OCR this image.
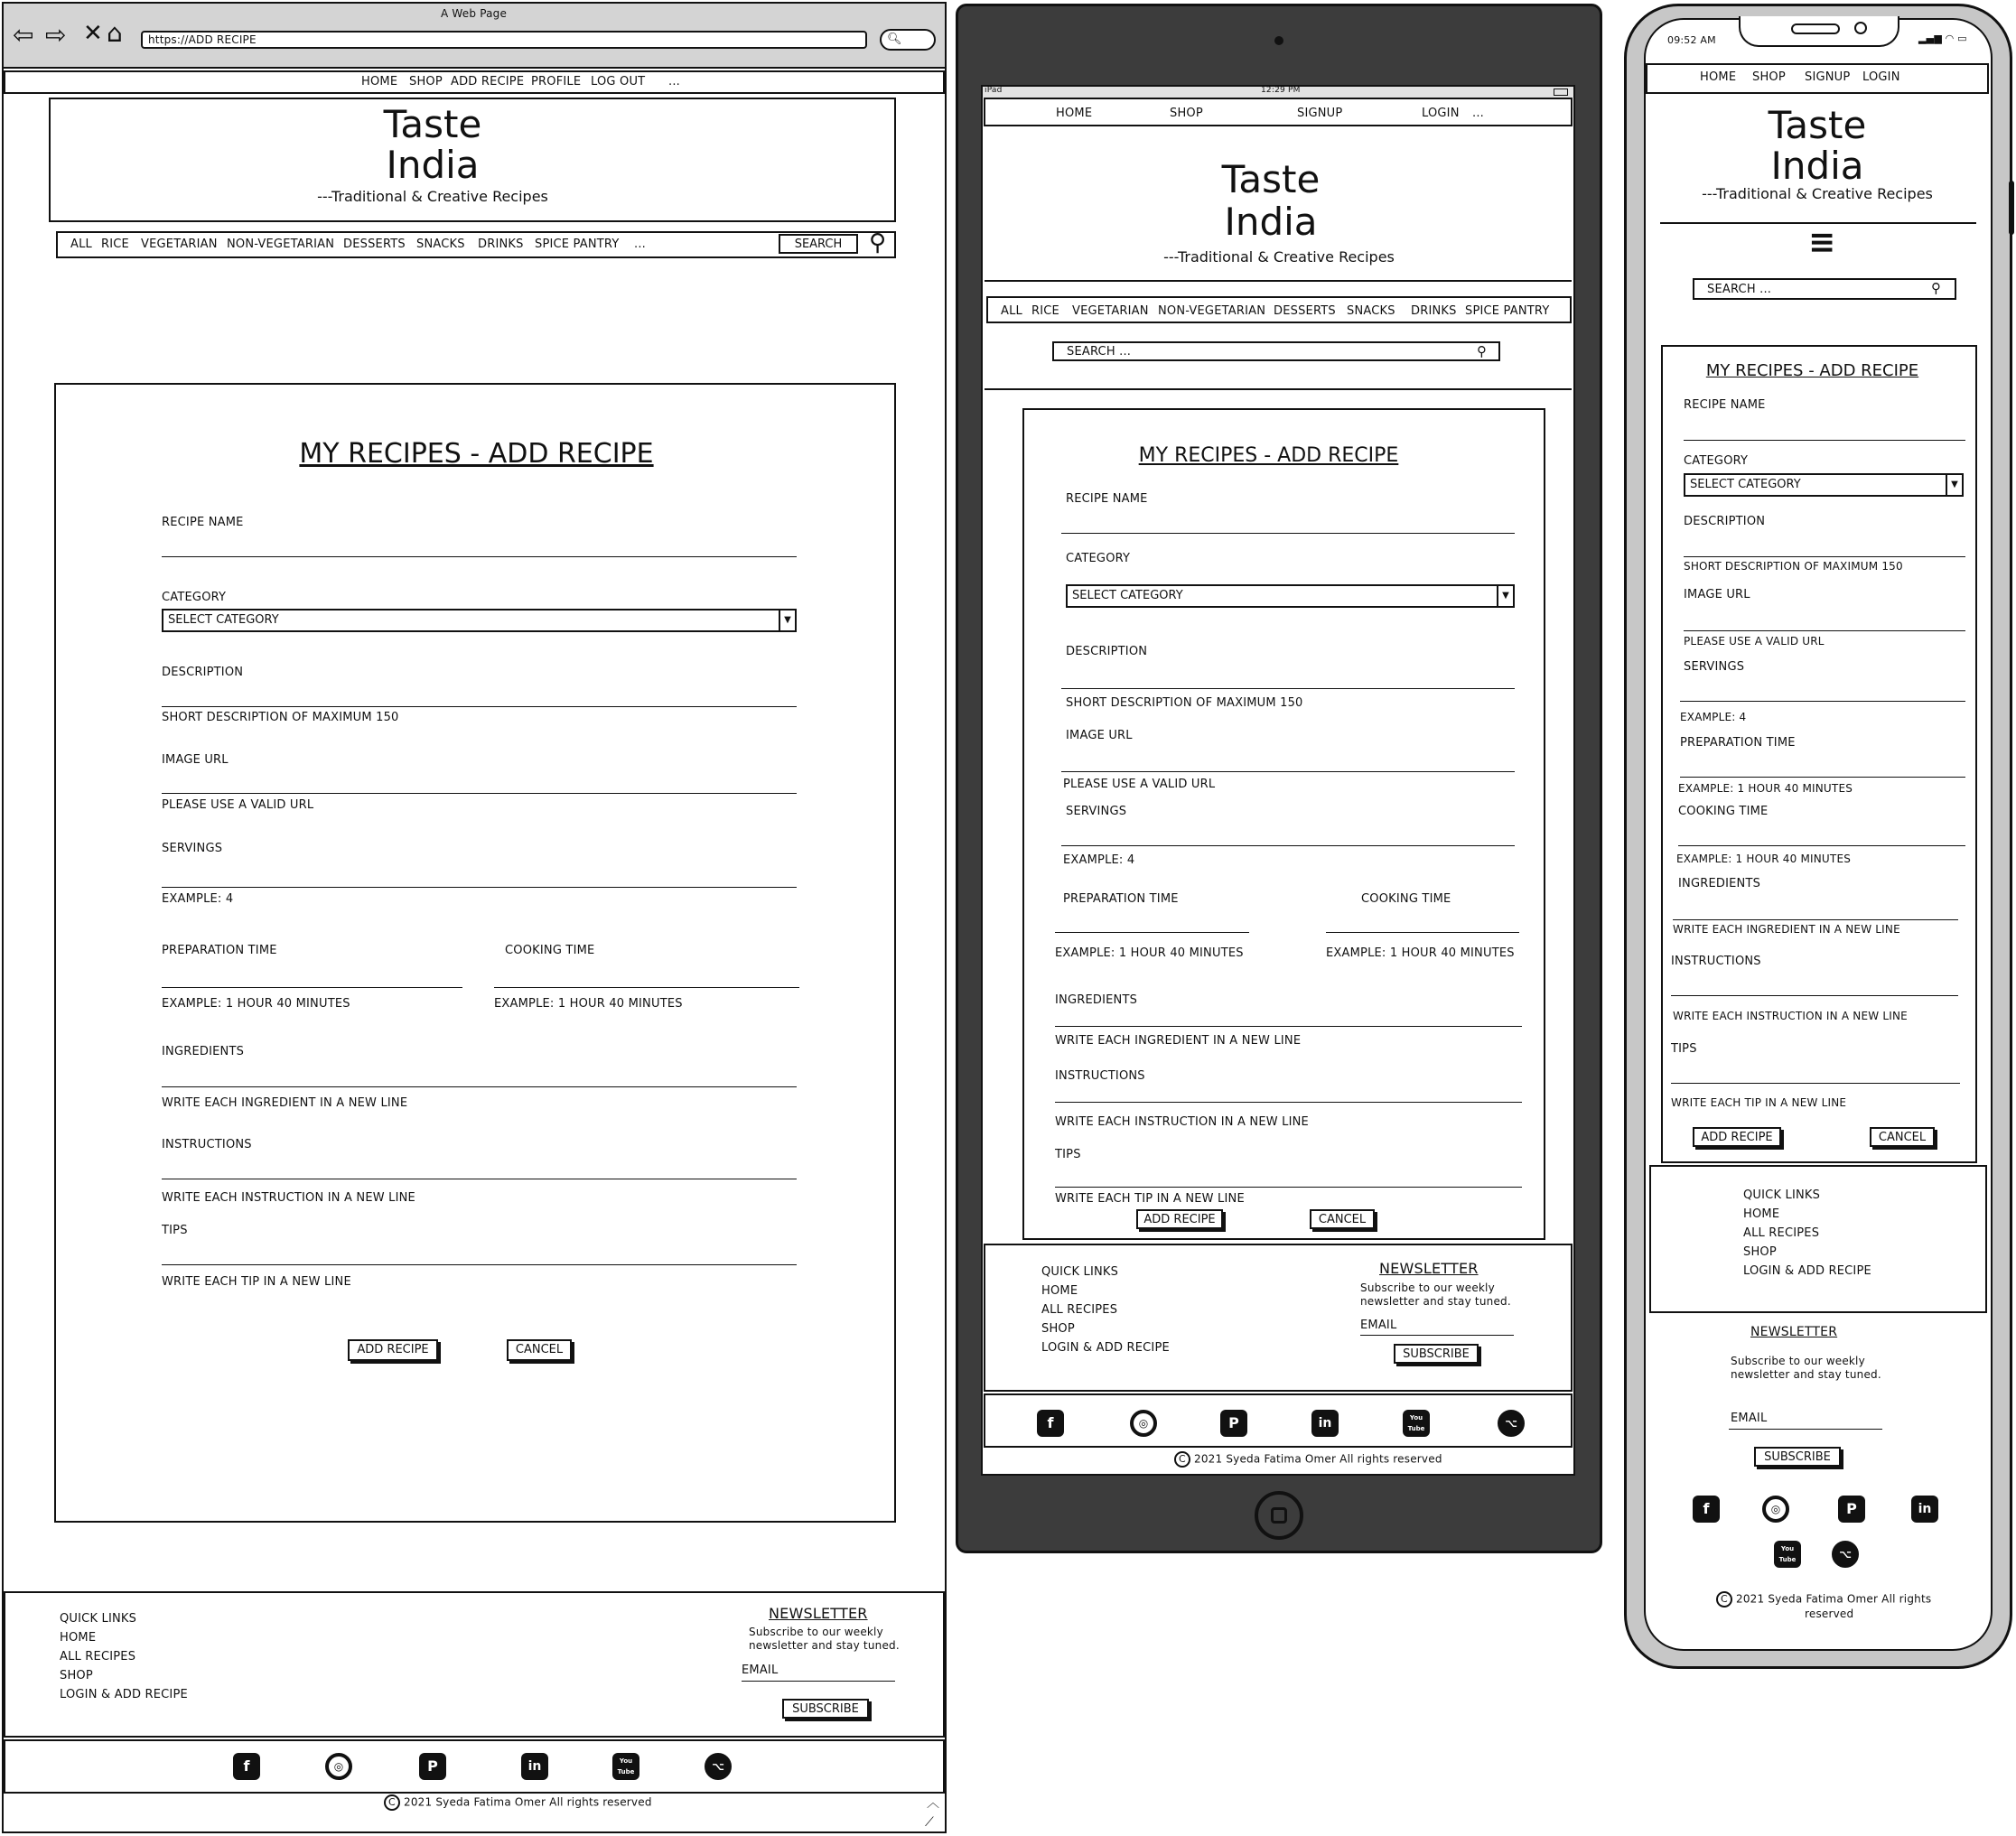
A Web Page
⇦ ⇨ ✕ ⌂ https://ADD RECIPE	🔍︎
HOME SHOP ADD RECIPE PROFILE LOG OUT ...
Taste
India
---Traditional & Creative Recipes
ALL RICE VEGETARIAN NON-VEGETARIAN DESSERTS SNACKS DRINKS SPICE PANTRY ...	SEARCH	⚲
MY RECIPES - ADD RECIPE
RECIPE NAME
CATEGORY
SELECT CATEGORY	▼
DESCRIPTION
SHORT DESCRIPTION OF MAXIMUM 150
IMAGE URL
PLEASE USE A VALID URL
SERVINGS
EXAMPLE: 4
PREPARATION TIME	COOKING TIME
EXAMPLE: 1 HOUR 40 MINUTES	EXAMPLE: 1 HOUR 40 MINUTES
INGREDIENTS
WRITE EACH INGREDIENT IN A NEW LINE
INSTRUCTIONS
WRITE EACH INSTRUCTION IN A NEW LINE
TIPS
WRITE EACH TIP IN A NEW LINE
ADD RECIPE	CANCEL
QUICK LINKS
HOME
ALL RECIPES
SHOP
LOGIN & ADD RECIPE
NEWSLETTER
Subscribe to our weekly
newsletter and stay tuned.
EMAIL
SUBSCRIBE
f	◎	P	in	You Tube	⌥
C 2021 Syeda Fatima Omer All rights reserved	︿
⟋
iPad	12:29 PM
HOME	SHOP	SIGNUP	LOGIN ...
Taste
India
---Traditional & Creative Recipes
ALL RICE VEGETARIAN NON-VEGETARIAN DESSERTS SNACKS DRINKS SPICE PANTRY
SEARCH ...	⚲
MY RECIPES - ADD RECIPE
RECIPE NAME
CATEGORY
SELECT CATEGORY	▼
DESCRIPTION
SHORT DESCRIPTION OF MAXIMUM 150
IMAGE URL
PLEASE USE A VALID URL
SERVINGS
EXAMPLE: 4
PREPARATION TIME	COOKING TIME
EXAMPLE: 1 HOUR 40 MINUTES	EXAMPLE: 1 HOUR 40 MINUTES
INGREDIENTS
WRITE EACH INGREDIENT IN A NEW LINE
INSTRUCTIONS
WRITE EACH INSTRUCTION IN A NEW LINE
TIPS
WRITE EACH TIP IN A NEW LINE
ADD RECIPE	CANCEL
QUICK LINKS
HOME
ALL RECIPES
SHOP
LOGIN & ADD RECIPE
NEWSLETTER
Subscribe to our weekly
newsletter and stay tuned.
EMAIL
SUBSCRIBE
f	◎	P	in	You Tube	⌥
C 2021 Syeda Fatima Omer All rights reserved
09:52 AM	▂▄▆ ◠ ▭
HOME SHOP SIGNUP LOGIN
Taste
India
---Traditional & Creative Recipes
≡
SEARCH ...	⚲
MY RECIPES - ADD RECIPE
RECIPE NAME
CATEGORY
SELECT CATEGORY	▼
DESCRIPTION
SHORT DESCRIPTION OF MAXIMUM 150
IMAGE URL
PLEASE USE A VALID URL
SERVINGS
EXAMPLE: 4
PREPARATION TIME
EXAMPLE: 1 HOUR 40 MINUTES
COOKING TIME
EXAMPLE: 1 HOUR 40 MINUTES
INGREDIENTS
WRITE EACH INGREDIENT IN A NEW LINE
INSTRUCTIONS
WRITE EACH INSTRUCTION IN A NEW LINE
TIPS
WRITE EACH TIP IN A NEW LINE
ADD RECIPE	CANCEL
QUICK LINKS
HOME
ALL RECIPES
SHOP
LOGIN & ADD RECIPE
NEWSLETTER
Subscribe to our weekly
newsletter and stay tuned.
EMAIL
SUBSCRIBE
f	◎	P	in
You Tube	⌥
C 2021 Syeda Fatima Omer All rights
reserved
